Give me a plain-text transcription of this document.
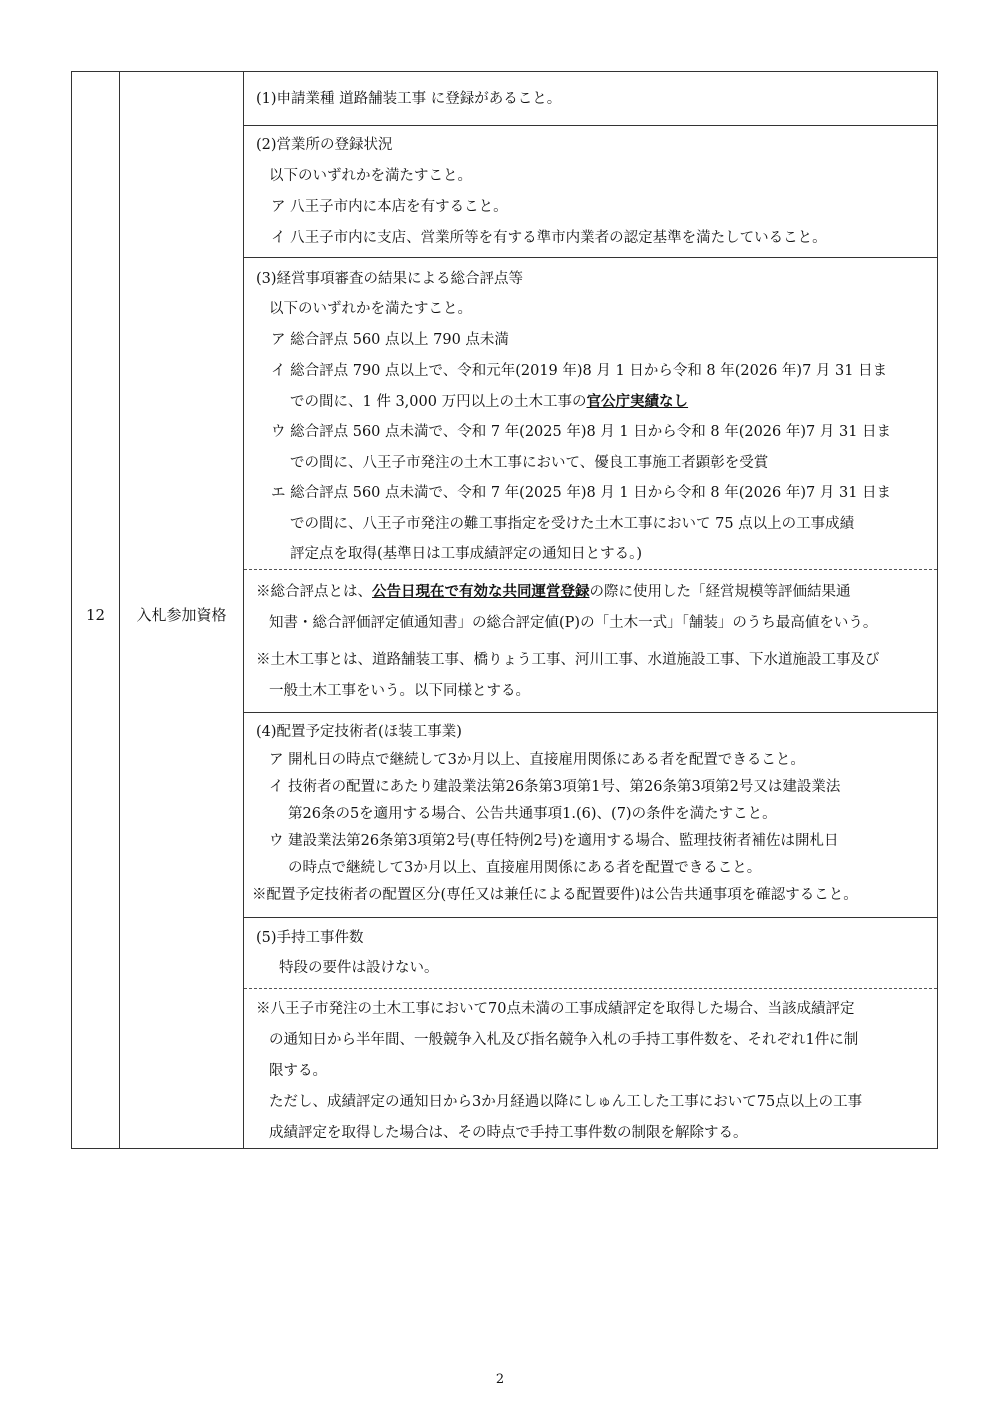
12	入札参加資格
(1)申請業種 道路舗装工事 に登録があること。
(2)営業所の登録状況
以下のいずれかを満たすこと。
ア 八王子市内に本店を有すること。
イ 八王子市内に支店、営業所等を有する準市内業者の認定基準を満たしていること。
(3)経営事項審査の結果による総合評点等
以下のいずれかを満たすこと。
ア 総合評点 560 点以上 790 点未満
イ 総合評点 790 点以上で、令和元年(2019 年)8 月 1 日から令和 8 年(2026 年)7 月 31 日ま
での間に、1 件 3,000 万円以上の土木工事の官公庁実績なし
ウ 総合評点 560 点未満で、令和 7 年(2025 年)8 月 1 日から令和 8 年(2026 年)7 月 31 日ま
での間に、八王子市発注の土木工事において、優良工事施工者顕彰を受賞
エ 総合評点 560 点未満で、令和 7 年(2025 年)8 月 1 日から令和 8 年(2026 年)7 月 31 日ま
での間に、八王子市発注の難工事指定を受けた土木工事において 75 点以上の工事成績
評定点を取得(基準日は工事成績評定の通知日とする。)
※総合評点とは、公告日現在で有効な共同運営登録の際に使用した「経営規模等評価結果通
知書・総合評価評定値通知書」の総合評定値(P)の「土木一式」「舗装」のうち最高値をいう。
※土木工事とは、道路舗装工事、橋りょう工事、河川工事、水道施設工事、下水道施設工事及び
一般土木工事をいう。以下同様とする。
(4)配置予定技術者(ほ装工事業)
ア 開札日の時点で継続して3か月以上、直接雇用関係にある者を配置できること。
イ 技術者の配置にあたり建設業法第26条第3項第1号、第26条第3項第2号又は建設業法
第26条の5を適用する場合、公告共通事項1.(6)、(7)の条件を満たすこと。
ウ 建設業法第26条第3項第2号(専任特例2号)を適用する場合、監理技術者補佐は開札日
の時点で継続して3か月以上、直接雇用関係にある者を配置できること。
※配置予定技術者の配置区分(専任又は兼任による配置要件)は公告共通事項を確認すること。
(5)手持工事件数
特段の要件は設けない。
※八王子市発注の土木工事において70点未満の工事成績評定を取得した場合、当該成績評定
の通知日から半年間、一般競争入札及び指名競争入札の手持工事件数を、それぞれ1件に制
限する。
ただし、成績評定の通知日から3か月経過以降にしゅん工した工事において75点以上の工事
成績評定を取得した場合は、その時点で手持工事件数の制限を解除する。
2
